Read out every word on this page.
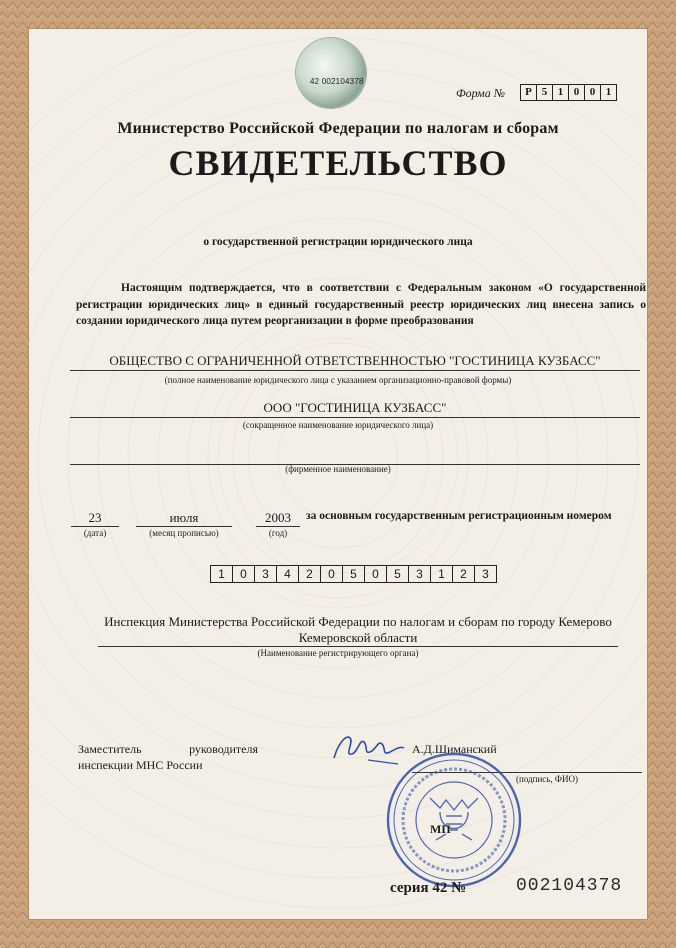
42 002104378
Форма №	Р 5 1 0 0 1
Министерство Российской Федерации по налогам и сборам
СВИДЕТЕЛЬСТВО
о государственной регистрации юридического лица
Настоящим подтверждается, что в соответствии с Федеральным законом «О государственной регистрации юридических лиц» в единый государственный реестр юридических лиц внесена запись о создании юридического лица путем реорганизации в форме преобразования
ОБЩЕСТВО С ОГРАНИЧЕННОЙ ОТВЕТСТВЕННОСТЬЮ "ГОСТИНИЦА КУЗБАСС"
(полное наименование юридического лица с указанием организационно-правовой формы)
ООО "ГОСТИНИЦА КУЗБАСС"
(сокращенное наименование юридического лица)
(фирменное наименование)
23	июля	2003
(дата)	(месяц прописью)	(год)
за основным государственным регистрационным номером
1	0	3	4	2	0	5	0	5	3	1	2	3
Инспекция Министерства Российской Федерации по налогам и сборам по городу Кемерово
Кемеровской области
(Наименование регистрирующего органа)
Заместитель	руководителя
инспекции МНС России
А.Д.Шиманский
МП
(подпись, ФИО)
серия 42 №	002104378
